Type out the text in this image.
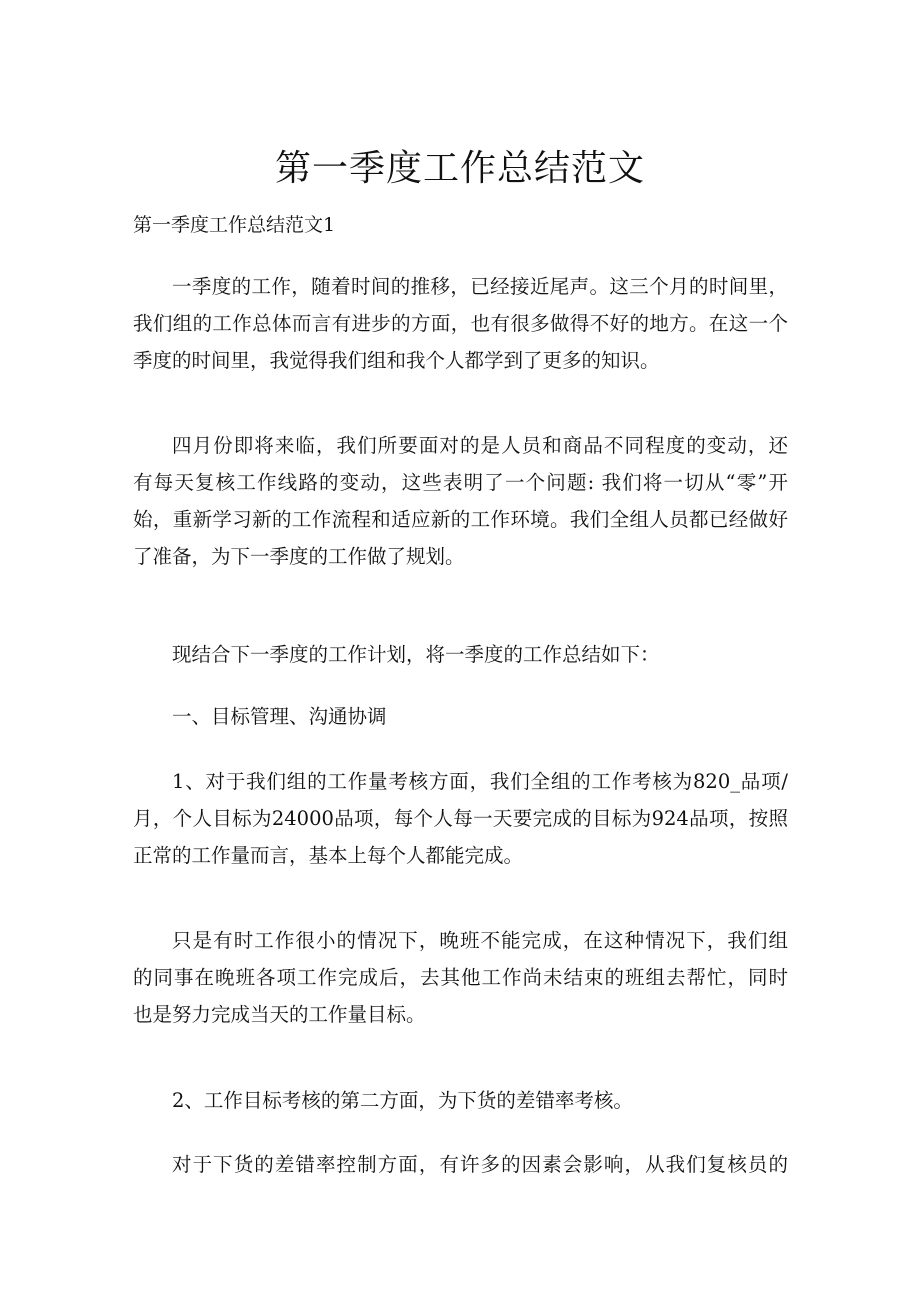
第一季度工作总结范文

第一季度工作总结范文1

一季度的工作，随着时间的推移，已经接近尾声。这三个月的时间里，
我们组的工作总体而言有进步的方面，也有很多做得不好的地方。在这一个
季度的时间里，我觉得我们组和我个人都学到了更多的知识。
四月份即将来临，我们所要面对的是人员和商品不同程度的变动，还
有每天复核工作线路的变动，这些表明了一个问题: 我们将一切从“零”开
始，重新学习新的工作流程和适应新的工作环境。我们全组人员都已经做好
了准备，为下一季度的工作做了规划。

现结合下一季度的工作计划，将一季度的工作总结如下：

一、目标管理、沟通协调

1、对于我们组的工作量考核方面，我们全组的工作考核为820_品项/
月，个人目标为24000品项，每个人每一天要完成的目标为924品项，按照
正常的工作量而言，基本上每个人都能完成。
只是有时工作很小的情况下，晚班不能完成，在这种情况下，我们组
的同事在晚班各项工作完成后，去其他工作尚未结束的班组去帮忙，同时
也是努力完成当天的工作量目标。

2、工作目标考核的第二方面，为下货的差错率考核。

对于下货的差错率控制方面，有许多的因素会影响，从我们复核员的
